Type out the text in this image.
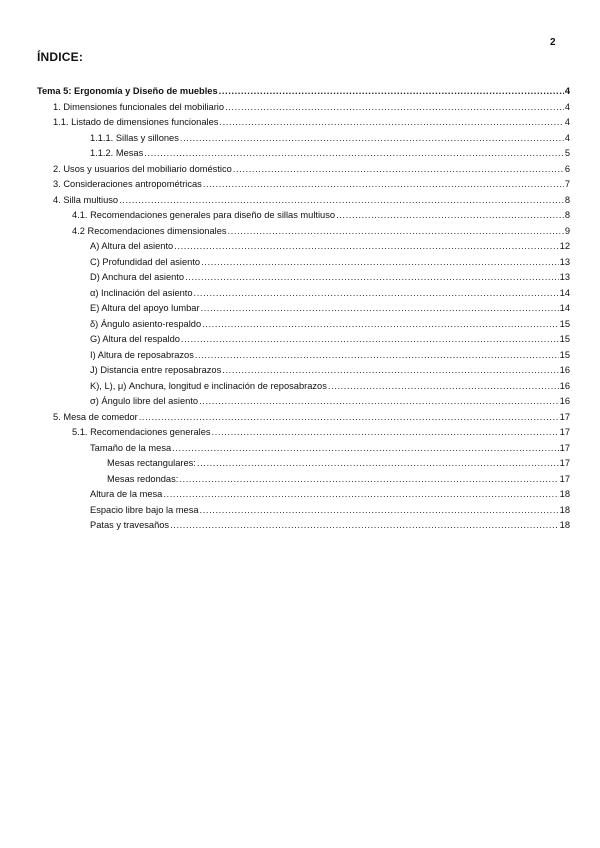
2
ÍNDICE:
Tema 5: Ergonomía y Diseño de muebles .....	4
1. Dimensiones funcionales del mobiliario .....	4
1.1. Listado de dimensiones funcionales .....	4
1.1.1. Sillas y sillones .....	4
1.1.2. Mesas .....	5
2. Usos y usuarios del mobiliario doméstico .....	6
3. Consideraciones antropométricas .....	7
4. Silla multiuso .....	8
4.1. Recomendaciones generales para diseño de sillas multiuso .....	8
4.2 Recomendaciones dimensionales .....	9
A) Altura del asiento .....	12
C) Profundidad del asiento .....	13
D) Anchura del asiento .....	13
α) Inclinación del asiento .....	14
E) Altura del apoyo lumbar .....	14
δ) Ángulo asiento-respaldo .....	15
G) Altura del respaldo .....	15
I) Altura de reposabrazos .....	15
J) Distancia entre reposabrazos .....	16
K), L), μ) Anchura, longitud e inclinación de reposabrazos .....	16
σ) Ángulo libre del asiento .....	16
5. Mesa de comedor .....	17
5.1. Recomendaciones generales .....	17
Tamaño de la mesa .....	17
Mesas rectangulares: .....	17
Mesas redondas: .....	17
Altura de la mesa .....	18
Espacio libre bajo la mesa .....	18
Patas y travesaños .....	18
